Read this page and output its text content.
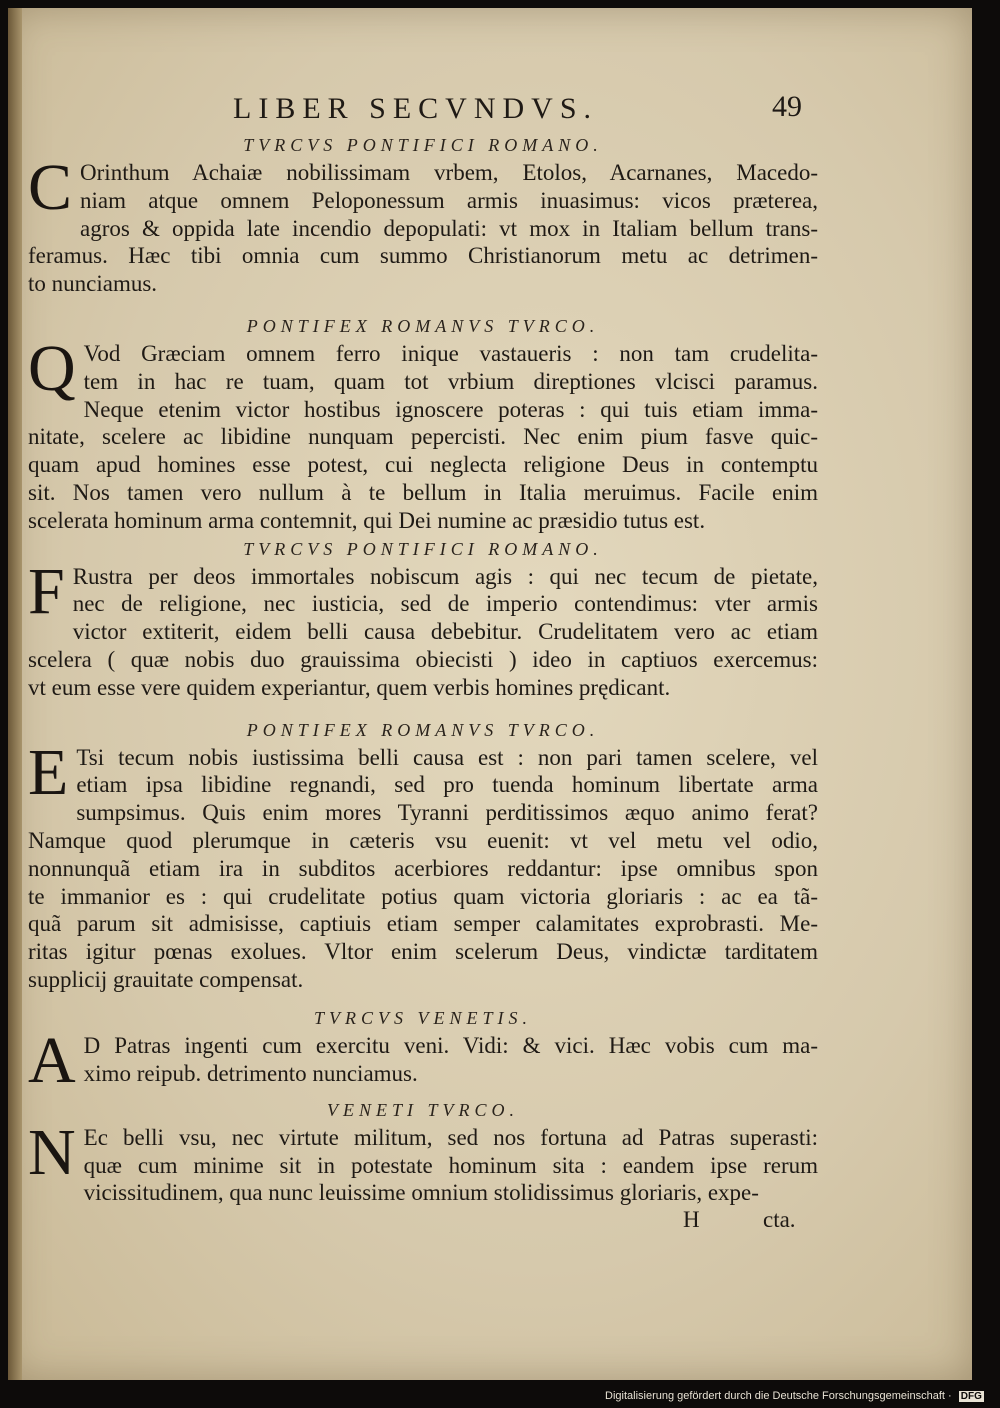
LIBER SECVNDVS.	49
TVRCVS PONTIFICI ROMANO.
C Orinthum Achaiæ nobilissimam vrbem, Etolos, Acarnanes, Macedo-
niam atque omnem Peloponessum armis inuasimus: vicos præterea,
agros & oppida late incendio depopulati: vt mox in Italiam bellum trans-
feramus. Hæc tibi omnia cum summo Christianorum metu ac detrimen-
to nunciamus.
PONTIFEX ROMANVS TVRCO.
Q Vod Græciam omnem ferro inique vastaueris : non tam crudelita-
tem in hac re tuam, quam tot vrbium direptiones vlcisci paramus.
Neque etenim victor hostibus ignoscere poteras : qui tuis etiam imma-
nitate, scelere ac libidine nunquam pepercisti. Nec enim pium fasve quic-
quam apud homines esse potest, cui neglecta religione Deus in contemptu
sit. Nos tamen vero nullum à te bellum in Italia meruimus. Facile enim
scelerata hominum arma contemnit, qui Dei numine ac præsidio tutus est.
TVRCVS PONTIFICI ROMANO.
F Rustra per deos immortales nobiscum agis : qui nec tecum de pietate,
nec de religione, nec iusticia, sed de imperio contendimus: vter armis
victor extiterit, eidem belli causa debebitur. Crudelitatem vero ac etiam
scelera ( quæ nobis duo grauissima obiecisti ) ideo in captiuos exercemus:
vt eum esse vere quidem experiantur, quem verbis homines prędicant.
PONTIFEX ROMANVS TVRCO.
E Tsi tecum nobis iustissima belli causa est : non pari tamen scelere, vel
etiam ipsa libidine regnandi, sed pro tuenda hominum libertate arma
sumpsimus. Quis enim mores Tyranni perditissimos æquo animo ferat?
Namque quod plerumque in cæteris vsu euenit: vt vel metu vel odio,
nonnunquã etiam ira in subditos acerbiores reddantur: ipse omnibus spon
te immanior es : qui crudelitate potius quam victoria gloriaris : ac ea tã-
quã parum sit admisisse, captiuis etiam semper calamitates exprobrasti. Me-
ritas igitur pœnas exolues. Vltor enim scelerum Deus, vindictæ tarditatem
supplicij grauitate compensat.
TVRCVS VENETIS.
A D Patras ingenti cum exercitu veni. Vidi: & vici. Hæc vobis cum ma-
ximo reipub. detrimento nunciamus.
VENETI TVRCO.
N Ec belli vsu, nec virtute militum, sed nos fortuna ad Patras superasti:
quæ cum minime sit in potestate hominum sita : eandem ipse rerum
vicissitudinem, qua nunc leuissime omnium stolidissimus gloriaris, expe-
H	cta.
Digitalisierung gefördert durch die Deutsche Forschungsgemeinschaft · DFG
